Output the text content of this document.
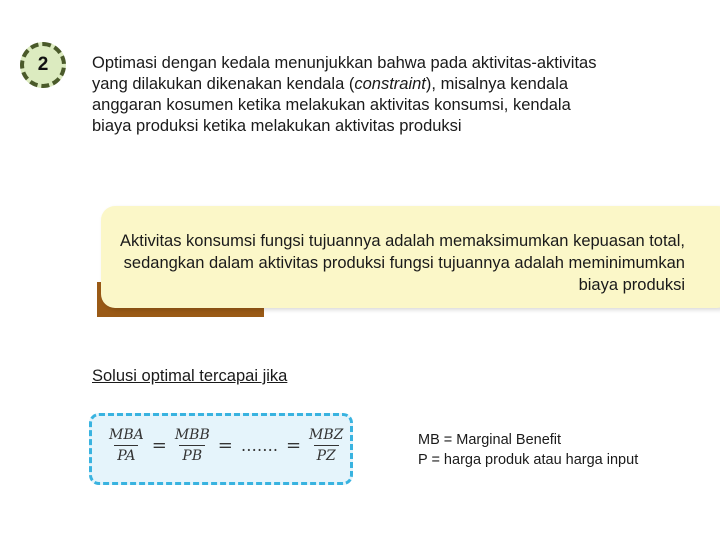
2	Optimasi dengan kedala menunjukkan bahwa pada aktivitas-aktivitas yang dilakukan dikenakan kendala (constraint), misalnya kendala anggaran kosumen ketika melakukan aktivitas konsumsi, kendala biaya produksi ketika melakukan aktivitas produksi
Aktivitas konsumsi fungsi tujuannya adalah memaksimumkan kepuasan total, sedangkan dalam aktivitas produksi fungsi tujuannya adalah meminimumkan biaya produksi
Solusi optimal tercapai jika
$\frac{\text{MBA}}{PA} = \frac{\text{MBB}}{PB}$ = ……. = $\frac{\text{MBZ}}{PZ}$	MB = Marginal Benefit
P = harga produk atau harga input
